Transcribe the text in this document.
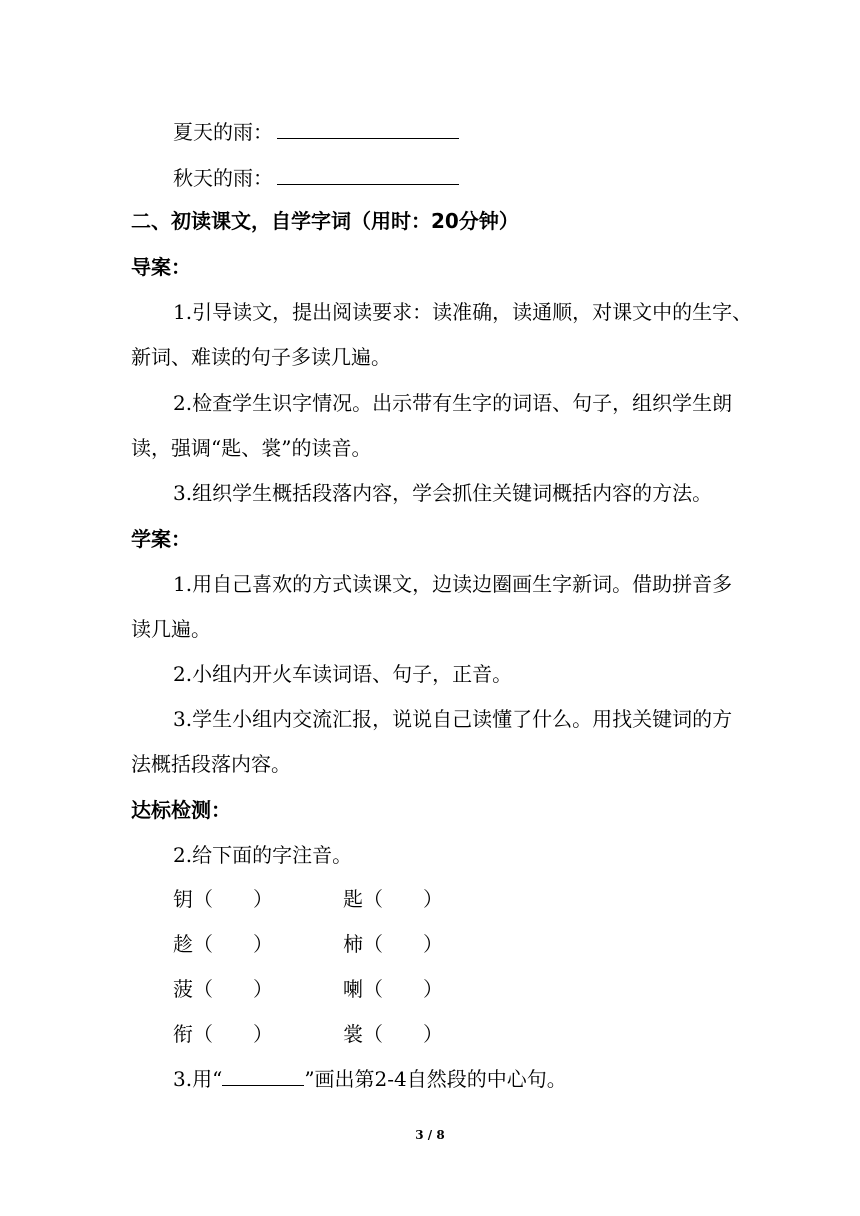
夏天的雨：
秋天的雨：
二、初读课文，自学字词（用时：20分钟）
导案：
1.引导读文，提出阅读要求：读准确，读通顺，对课文中的生字、
新词、难读的句子多读几遍。
2.检查学生识字情况。出示带有生字的词语、句子，组织学生朗
读，强调“匙、裳”的读音。
3.组织学生概括段落内容，学会抓住关键词概括内容的方法。
学案：
1.用自己喜欢的方式读课文，边读边圈画生字新词。借助拼音多
读几遍。
2.小组内开火车读词语、句子，正音。
3.学生小组内交流汇报，说说自己读懂了什么。用找关键词的方
法概括段落内容。
达标检测：
2.给下面的字注音。
钥（　　）	匙（　　）
趁（　　）	柿（　　）
菠（　　）	喇（　　）
衔（　　）	裳（　　）
3.用“	”画出第2-4自然段的中心句。
3 / 8
